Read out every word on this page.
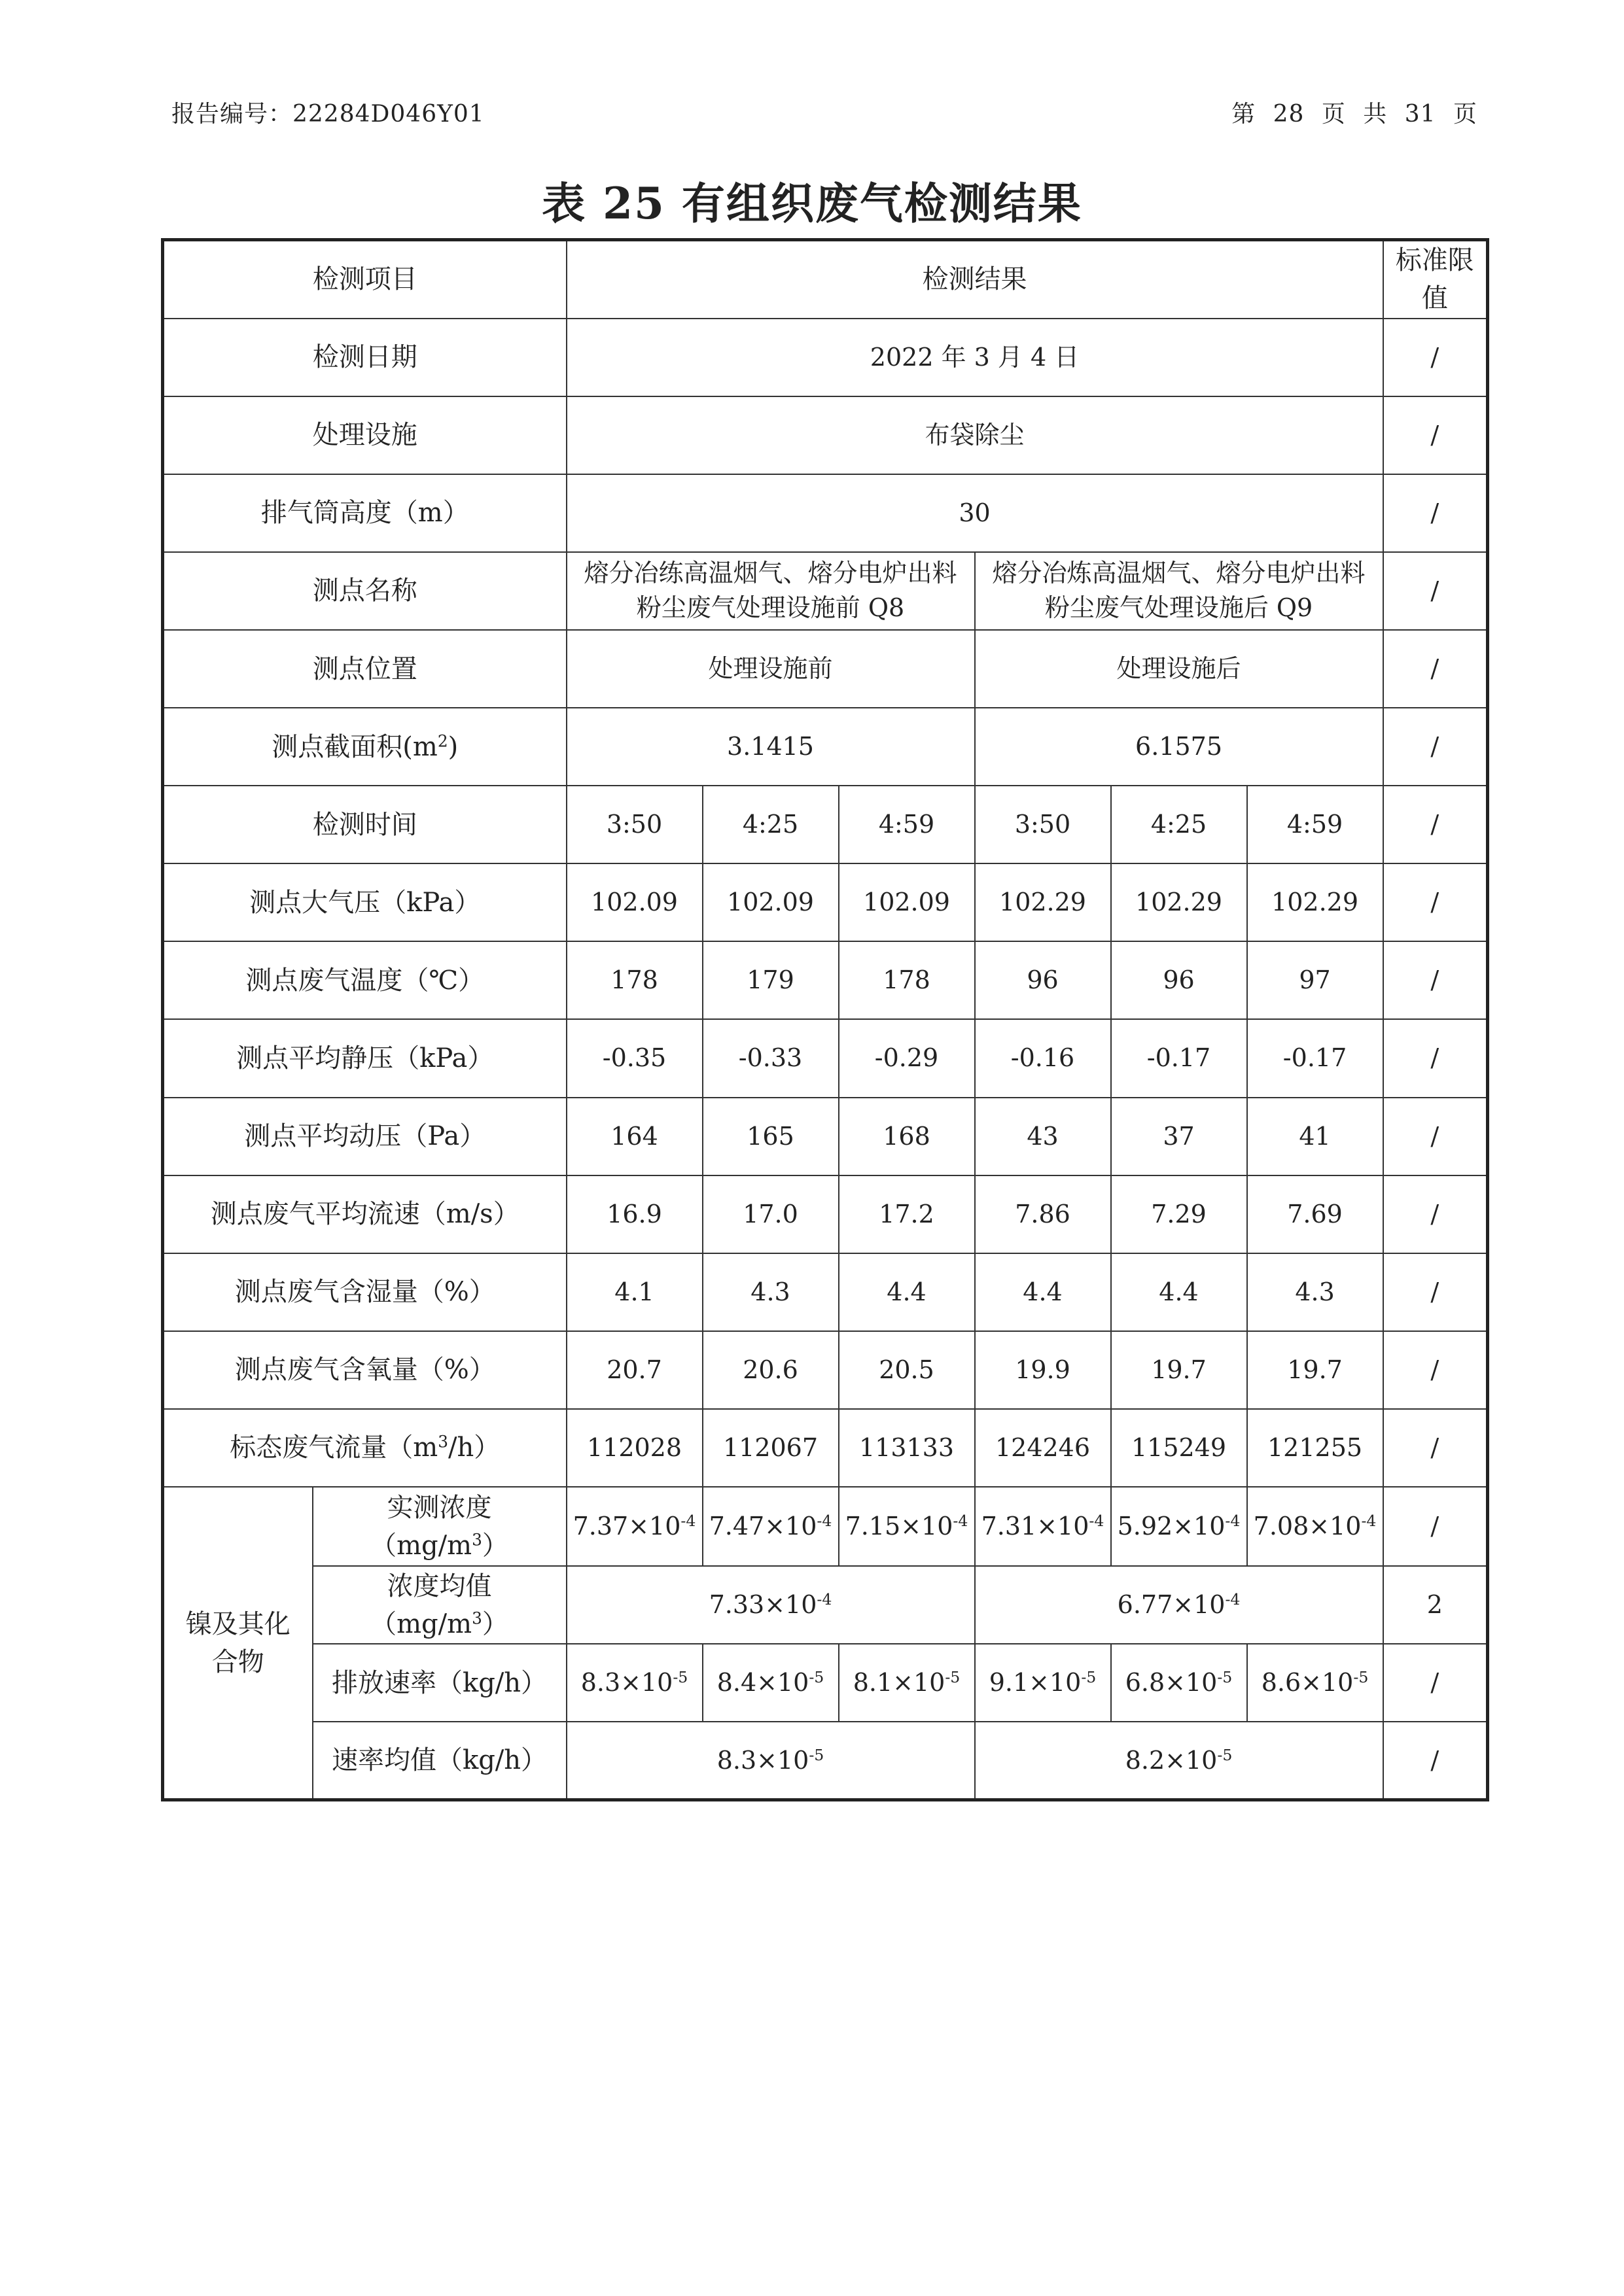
报告编号：22284D046Y01	第 28 页 共 31 页
表 25 有组织废气检测结果
检测项目		检测结果						标准限值
检测日期		2022 年 3 月 4 日						/
处理设施		布袋除尘						/
排气筒高度（m）		30						/
测点名称		熔分冶练高温烟气、熔分电炉出料粉尘废气处理设施前 Q8			熔分冶炼高温烟气、熔分电炉出料粉尘废气处理设施后 Q9			/
测点位置		处理设施前			处理设施后			/
测点截面积$(m^2)$		3.1415			6.1575			/
检测时间		3:50	4:25	4:59	3:50	4:25	4:59	/
测点大气压（kPa）		102.09	102.09	102.09	102.29	102.29	102.29	/
测点废气温度（℃）		178	179	178	96	96	97	/
测点平均静压（kPa）		-0.35	-0.33	-0.29	-0.16	-0.17	-0.17	/
测点平均动压（Pa）		164	165	168	43	37	41	/
测点废气平均流速（m/s）		16.9	17.0	17.2	7.86	7.29	7.69	/
测点废气含湿量（%）		4.1	4.3	4.4	4.4	4.4	4.3	/
测点废气含氧量（%）		20.7	20.6	20.5	19.9	19.7	19.7	/
标态废气流量$(m^3/h)$		112028	112067	113133	124246	115249	121255	/
镍及其化合物	实测浓度$(mg/m^3)$	$7.37\times 10^{-4}$	$7.47\times 10^{-4}$	$7.15\times 10^{-4}$	$7.31\times 10^{-4}$	$5.92\times 10^{-4}$	$7.08\times 10^{-4}$	/
	浓度均值$(mg/m^3)$	$7.33\times 10^{-4}$			$6.77\times 10^{-4}$			2
	排放速率（kg/h）	$8.3\times 10^{-5}$	$8.4\times 10^{-5}$	$8.1\times 10^{-5}$	$9.1\times 10^{-5}$	$6.8\times 10^{-5}$	$8.6\times 10^{-5}$	/
	速率均值（kg/h）	$8.3\times 10^{-5}$			$8.2\times 10^{-5}$			/
